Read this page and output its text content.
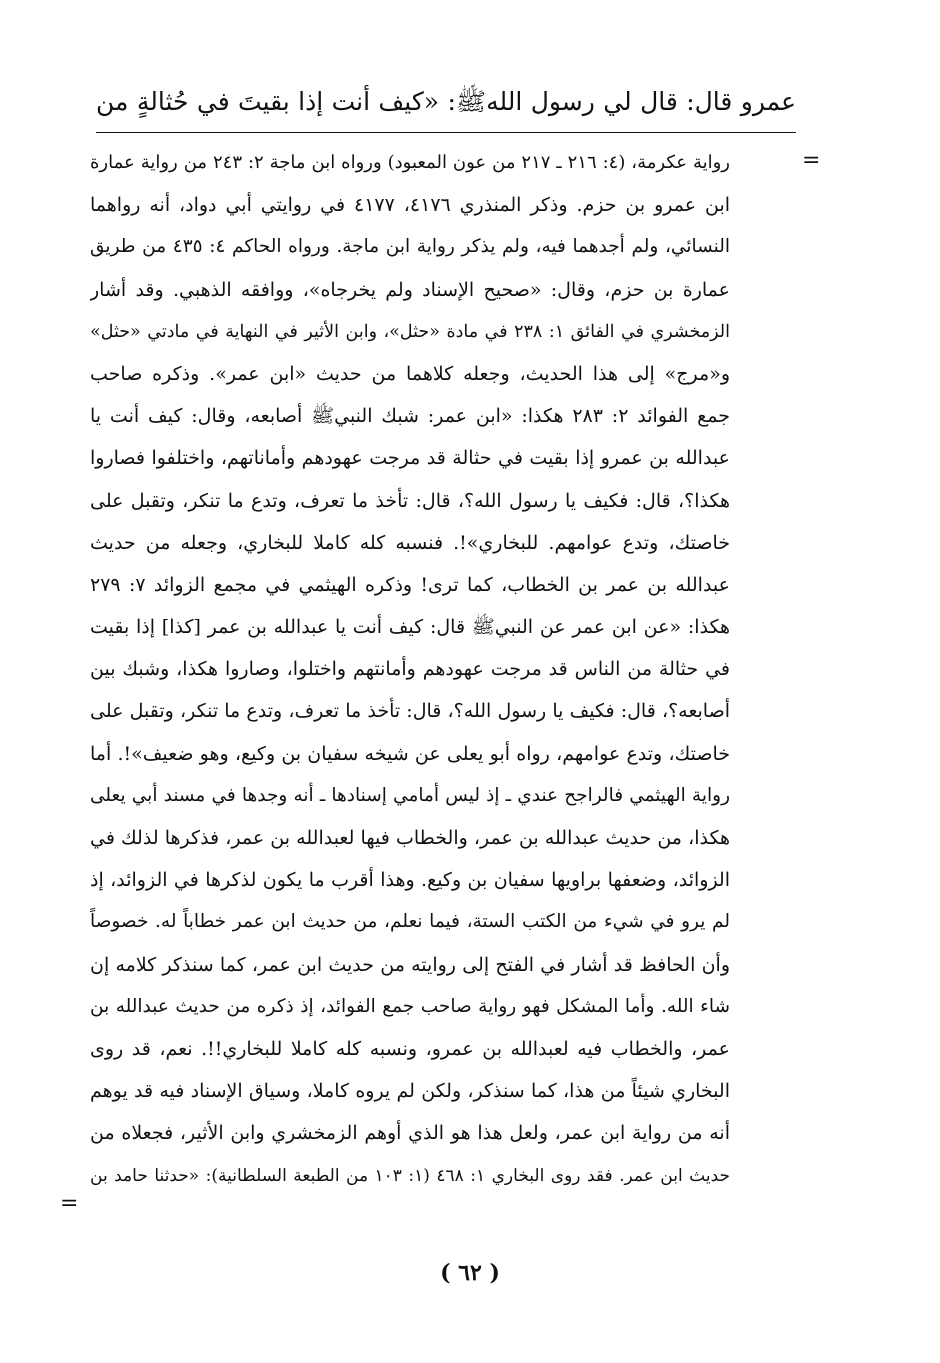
عمرو قال: قال لي رسول اللهﷺ: «كيف أنت إذا بقيتَ في حُثالةٍ من
=
رواية عكرمة، (٤: ٢١٦ ـ ٢١٧ من عون المعبود) ورواه ابن ماجة ٢: ٢٤٣ من رواية عمارة
ابن عمرو بن حزم. وذكر المنذري ٤١٧٦، ٤١٧٧ في روايتي أبي دواد، أنه رواهما
النسائي، ولم أجدهما فيه، ولم يذكر رواية ابن ماجة. ورواه الحاكم ٤: ٤٣٥ من طريق
عمارة بن حزم، وقال: «صحيح الإسناد ولم يخرجاه»، ووافقه الذهبي. وقد أشار
الزمخشري في الفائق ١: ٢٣٨ في مادة «حثل»، وابن الأثير في النهاية في مادتي «حثل»
و«مرج» إلى هذا الحديث، وجعله كلاهما من حديث «ابن عمر». وذكره صاحب
جمع الفوائد ٢: ٢٨٣ هكذا: «ابن عمر: شبك النبيﷺ أصابعه، وقال: كيف أنت يا
عبدالله بن عمرو إذا بقيت في حثالة قد مرجت عهودهم وأماناتهم، واختلفوا فصاروا
هكذا؟، قال: فكيف يا رسول الله؟، قال: تأخذ ما تعرف، وتدع ما تنكر، وتقبل على
خاصتك، وتدع عوامهم. للبخاري»!. فنسبه كله كاملا للبخاري، وجعله من حديث
عبدالله بن عمر بن الخطاب، كما ترى! وذكره الهيثمي في مجمع الزوائد ٧: ٢٧٩
هكذا: «عن ابن عمر عن النبيﷺ قال: كيف أنت يا عبدالله بن عمر [كذا] إذا بقيت
في حثالة من الناس قد مرجت عهودهم وأمانتهم واختلوا، وصاروا هكذا، وشبك بين
أصابعه؟، قال: فكيف يا رسول الله؟، قال: تأخذ ما تعرف، وتدع ما تنكر، وتقبل على
خاصتك، وتدع عوامهم، رواه أبو يعلى عن شيخه سفيان بن وكيع، وهو ضعيف»!. أما
رواية الهيثمي فالراجح عندي ـ إذ ليس أمامي إسنادها ـ أنه وجدها في مسند أبي يعلى
هكذا، من حديث عبدالله بن عمر، والخطاب فيها لعبدالله بن عمر، فذكرها لذلك في
الزوائد، وضعفها براويها سفيان بن وكيع. وهذا أقرب ما يكون لذكرها في الزوائد، إذ
لم يرو في شيء من الكتب الستة، فيما نعلم، من حديث ابن عمر خطاباً له. خصوصاً
وأن الحافظ قد أشار في الفتح إلى روايته من حديث ابن عمر، كما سنذكر كلامه إن
شاء الله. وأما المشكل فهو رواية صاحب جمع الفوائد، إذ ذكره من حديث عبدالله بن
عمر، والخطاب فيه لعبدالله بن عمرو، ونسبه كله كاملا للبخاري!!. نعم، قد روى
البخاري شيئاً من هذا، كما سنذكر، ولكن لم يروه كاملا، وسياق الإسناد فيه قد يوهم
أنه من رواية ابن عمر، ولعل هذا هو الذي أوهم الزمخشري وابن الأثير، فجعلاه من
حديث ابن عمر. فقد روى البخاري ١: ٤٦٨ (١: ١٠٣ من الطبعة السلطانية): «حدثنا حامد بن
=
( ٦٢ )
